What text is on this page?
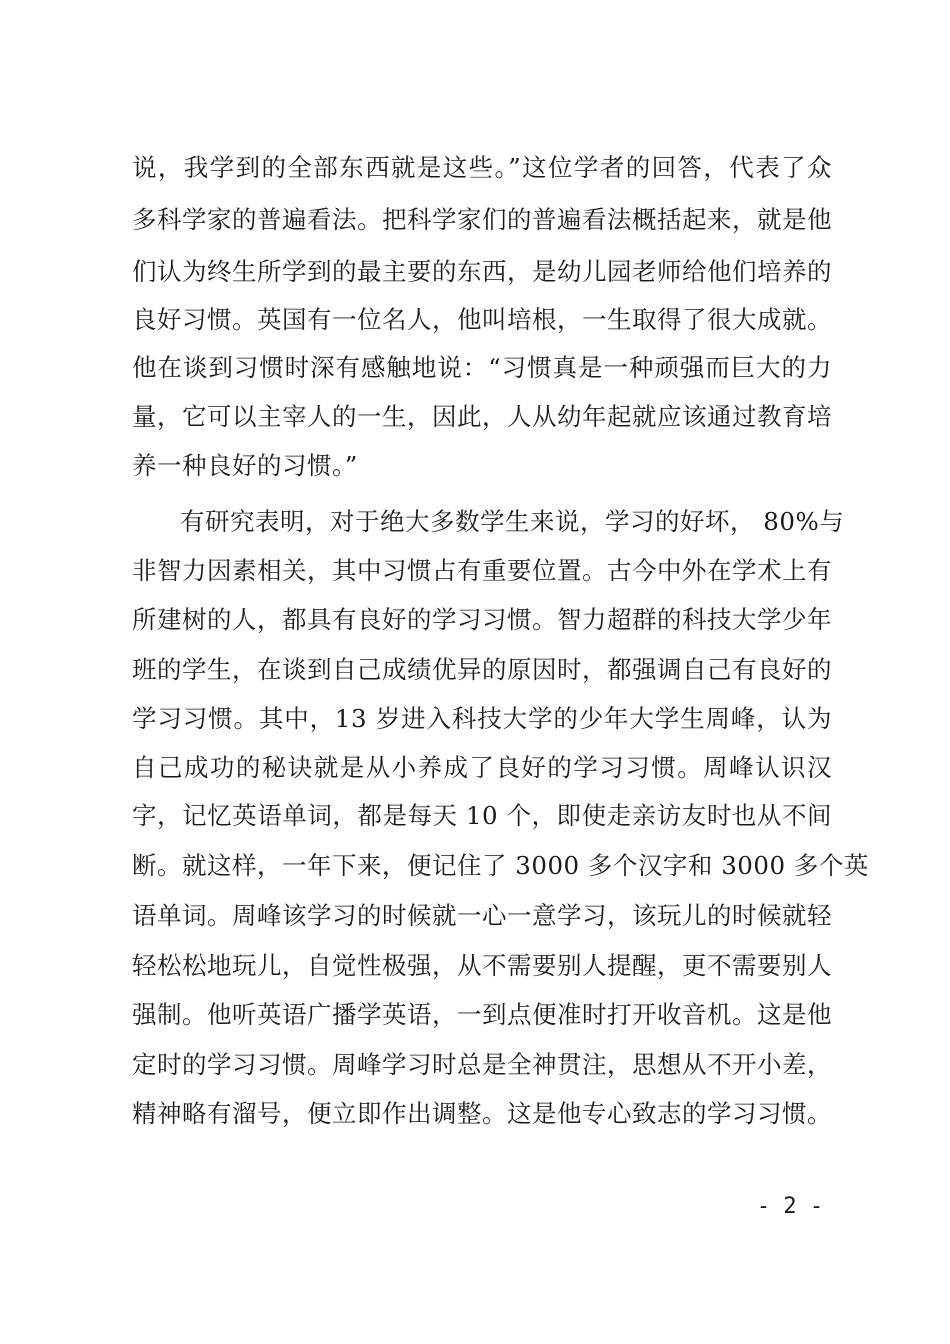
说，我学到的全部东西就是这些。”这位学者的回答，代表了众
多科学家的普遍看法。把科学家们的普遍看法概括起来，就是他
们认为终生所学到的最主要的东西，是幼儿园老师给他们培养的
良好习惯。英国有一位名人，他叫培根，一生取得了很大成就。
他在谈到习惯时深有感触地说：“习惯真是一种顽强而巨大的力
量，它可以主宰人的一生，因此，人从幼年起就应该通过教育培
养一种良好的习惯。”
有研究表明，对于绝大多数学生来说，学习的好坏， 80%与
非智力因素相关，其中习惯占有重要位置。古今中外在学术上有
所建树的人，都具有良好的学习习惯。智力超群的科技大学少年
班的学生，在谈到自己成绩优异的原因时，都强调自己有良好的
学习习惯。其中，13 岁进入科技大学的少年大学生周峰，认为
自己成功的秘诀就是从小养成了良好的学习习惯。周峰认识汉
字，记忆英语单词，都是每天 10 个，即使走亲访友时也从不间
断。就这样，一年下来，便记住了 3000 多个汉字和 3000 多个英
语单词。周峰该学习的时候就一心一意学习，该玩儿的时候就轻
轻松松地玩儿，自觉性极强，从不需要别人提醒，更不需要别人
强制。他听英语广播学英语，一到点便准时打开收音机。这是他
定时的学习习惯。周峰学习时总是全神贯注，思想从不开小差，
精神略有溜号，便立即作出调整。这是他专心致志的学习习惯。
- 2 -
